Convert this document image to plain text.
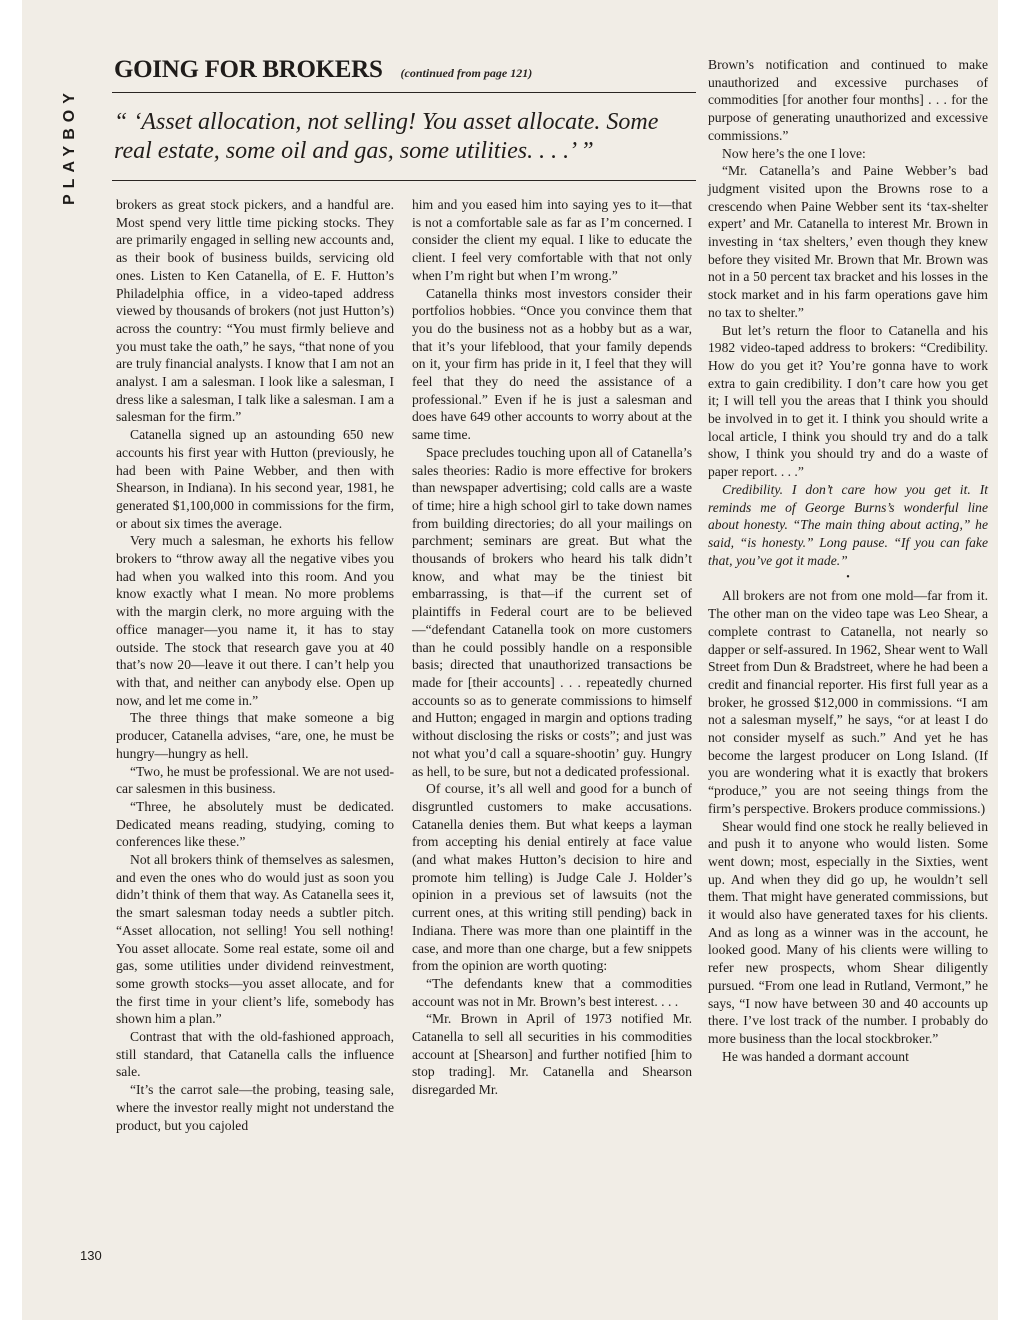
PLAYBOY
GOING FOR BROKERS (continued from page 121)
“ ‘Asset allocation, not selling! You asset allocate. Some real estate, some oil and gas, some utilities. . . .’ ”

brokers as great stock pickers, and a handful are. Most spend very little time picking stocks. They are primarily engaged in selling new accounts and, as their book of business builds, servicing old ones. Listen to Ken Catanella, of E. F. Hutton’s Philadelphia office, in a video-taped address viewed by thousands of brokers (not just Hutton’s) across the country: “You must firmly believe and you must take the oath,” he says, “that none of you are truly financial analysts. I know that I am not an analyst. I am a salesman. I look like a salesman, I dress like a salesman, I talk like a salesman. I am a salesman for the firm.”

Catanella signed up an astounding 650 new accounts his first year with Hutton (previously, he had been with Paine Webber, and then with Shearson, in Indiana). In his second year, 1981, he generated $1,100,000 in commissions for the firm, or about six times the average.

Very much a salesman, he exhorts his fellow brokers to “throw away all the negative vibes you had when you walked into this room. And you know exactly what I mean. No more problems with the margin clerk, no more arguing with the office manager—you name it, it has to stay outside. The stock that research gave you at 40 that’s now 20—leave it out there. I can’t help you with that, and neither can anybody else. Open up now, and let me come in.”

The three things that make someone a big producer, Catanella advises, “are, one, he must be hungry—hungry as hell.

“Two, he must be professional. We are not used-car salesmen in this business.

“Three, he absolutely must be dedicated. Dedicated means reading, studying, coming to conferences like these.”

Not all brokers think of themselves as salesmen, and even the ones who do would just as soon you didn’t think of them that way. As Catanella sees it, the smart salesman today needs a subtler pitch. “Asset allocation, not selling! You sell nothing! You asset allocate. Some real estate, some oil and gas, some utilities under dividend reinvestment, some growth stocks—you asset allocate, and for the first time in your client’s life, somebody has shown him a plan.”

Contrast that with the old-fashioned approach, still standard, that Catanella calls the influence sale.

“It’s the carrot sale—the probing, teasing sale, where the investor really might not understand the product, but you cajoled

him and you eased him into saying yes to it—that is not a comfortable sale as far as I’m concerned. I consider the client my equal. I like to educate the client. I feel very comfortable with that not only when I’m right but when I’m wrong.”

Catanella thinks most investors consider their portfolios hobbies. “Once you convince them that you do the business not as a hobby but as a war, that it’s your lifeblood, that your family depends on it, your firm has pride in it, I feel that they will feel that they do need the assistance of a professional.” Even if he is just a salesman and does have 649 other accounts to worry about at the same time.

Space precludes touching upon all of Catanella’s sales theories: Radio is more effective for brokers than newspaper advertising; cold calls are a waste of time; hire a high school girl to take down names from building directories; do all your mailings on parchment; seminars are great. But what the thousands of brokers who heard his talk didn’t know, and what may be the tiniest bit embarrassing, is that—if the current set of plaintiffs in Federal court are to be believed—“defendant Catanella took on more customers than he could possibly handle on a responsible basis; directed that unauthorized transactions be made for [their accounts] . . . repeatedly churned accounts so as to generate commissions to himself and Hutton; engaged in margin and options trading without disclosing the risks or costs”; and just was not what you’d call a square-shootin’ guy. Hungry as hell, to be sure, but not a dedicated professional.

Of course, it’s all well and good for a bunch of disgruntled customers to make accusations. Catanella denies them. But what keeps a layman from accepting his denial entirely at face value (and what makes Hutton’s decision to hire and promote him telling) is Judge Cale J. Holder’s opinion in a previous set of lawsuits (not the current ones, at this writing still pending) back in Indiana. There was more than one plaintiff in the case, and more than one charge, but a few snippets from the opinion are worth quoting:

“The defendants knew that a commodities account was not in Mr. Brown’s best interest. . . .

“Mr. Brown in April of 1973 notified Mr. Catanella to sell all securities in his commodities account at [Shearson] and further notified [him to stop trading]. Mr. Catanella and Shearson disregarded Mr.

Brown’s notification and continued to make unauthorized and excessive purchases of commodities [for another four months] . . . for the purpose of generating unauthorized and excessive commissions.”

Now here’s the one I love:

“Mr. Catanella’s and Paine Webber’s bad judgment visited upon the Browns rose to a crescendo when Paine Webber sent its ‘tax-shelter expert’ and Mr. Catanella to interest Mr. Brown in investing in ‘tax shelters,’ even though they knew before they visited Mr. Brown that Mr. Brown was not in a 50 percent tax bracket and his losses in the stock market and in his farm operations gave him no tax to shelter.”

But let’s return the floor to Catanella and his 1982 video-taped address to brokers: “Credibility. How do you get it? You’re gonna have to work extra to gain credibility. I don’t care how you get it; I will tell you the areas that I think you should be involved in to get it. I think you should write a local article, I think you should try and do a talk show, I think you should try and do a waste of paper report. . . .”

Credibility. I don’t care how you get it. It reminds me of George Burns’s wonderful line about honesty. “The main thing about acting,” he said, “is honesty.” Long pause. “If you can fake that, you’ve got it made.”

•

All brokers are not from one mold—far from it. The other man on the video tape was Leo Shear, a complete contrast to Catanella, not nearly so dapper or self-assured. In 1962, Shear went to Wall Street from Dun & Bradstreet, where he had been a credit and financial reporter. His first full year as a broker, he grossed $12,000 in commissions. “I am not a salesman myself,” he says, “or at least I do not consider myself as such.” And yet he has become the largest producer on Long Island. (If you are wondering what it is exactly that brokers “produce,” you are not seeing things from the firm’s perspective. Brokers produce commissions.)

Shear would find one stock he really believed in and push it to anyone who would listen. Some went down; most, especially in the Sixties, went up. And when they did go up, he wouldn’t sell them. That might have generated commissions, but it would also have generated taxes for his clients. And as long as a winner was in the account, he looked good. Many of his clients were willing to refer new prospects, whom Shear diligently pursued. “From one lead in Rutland, Vermont,” he says, “I now have between 30 and 40 accounts up there. I’ve lost track of the number. I probably do more business than the local stockbroker.”

He was handed a dormant account

130
